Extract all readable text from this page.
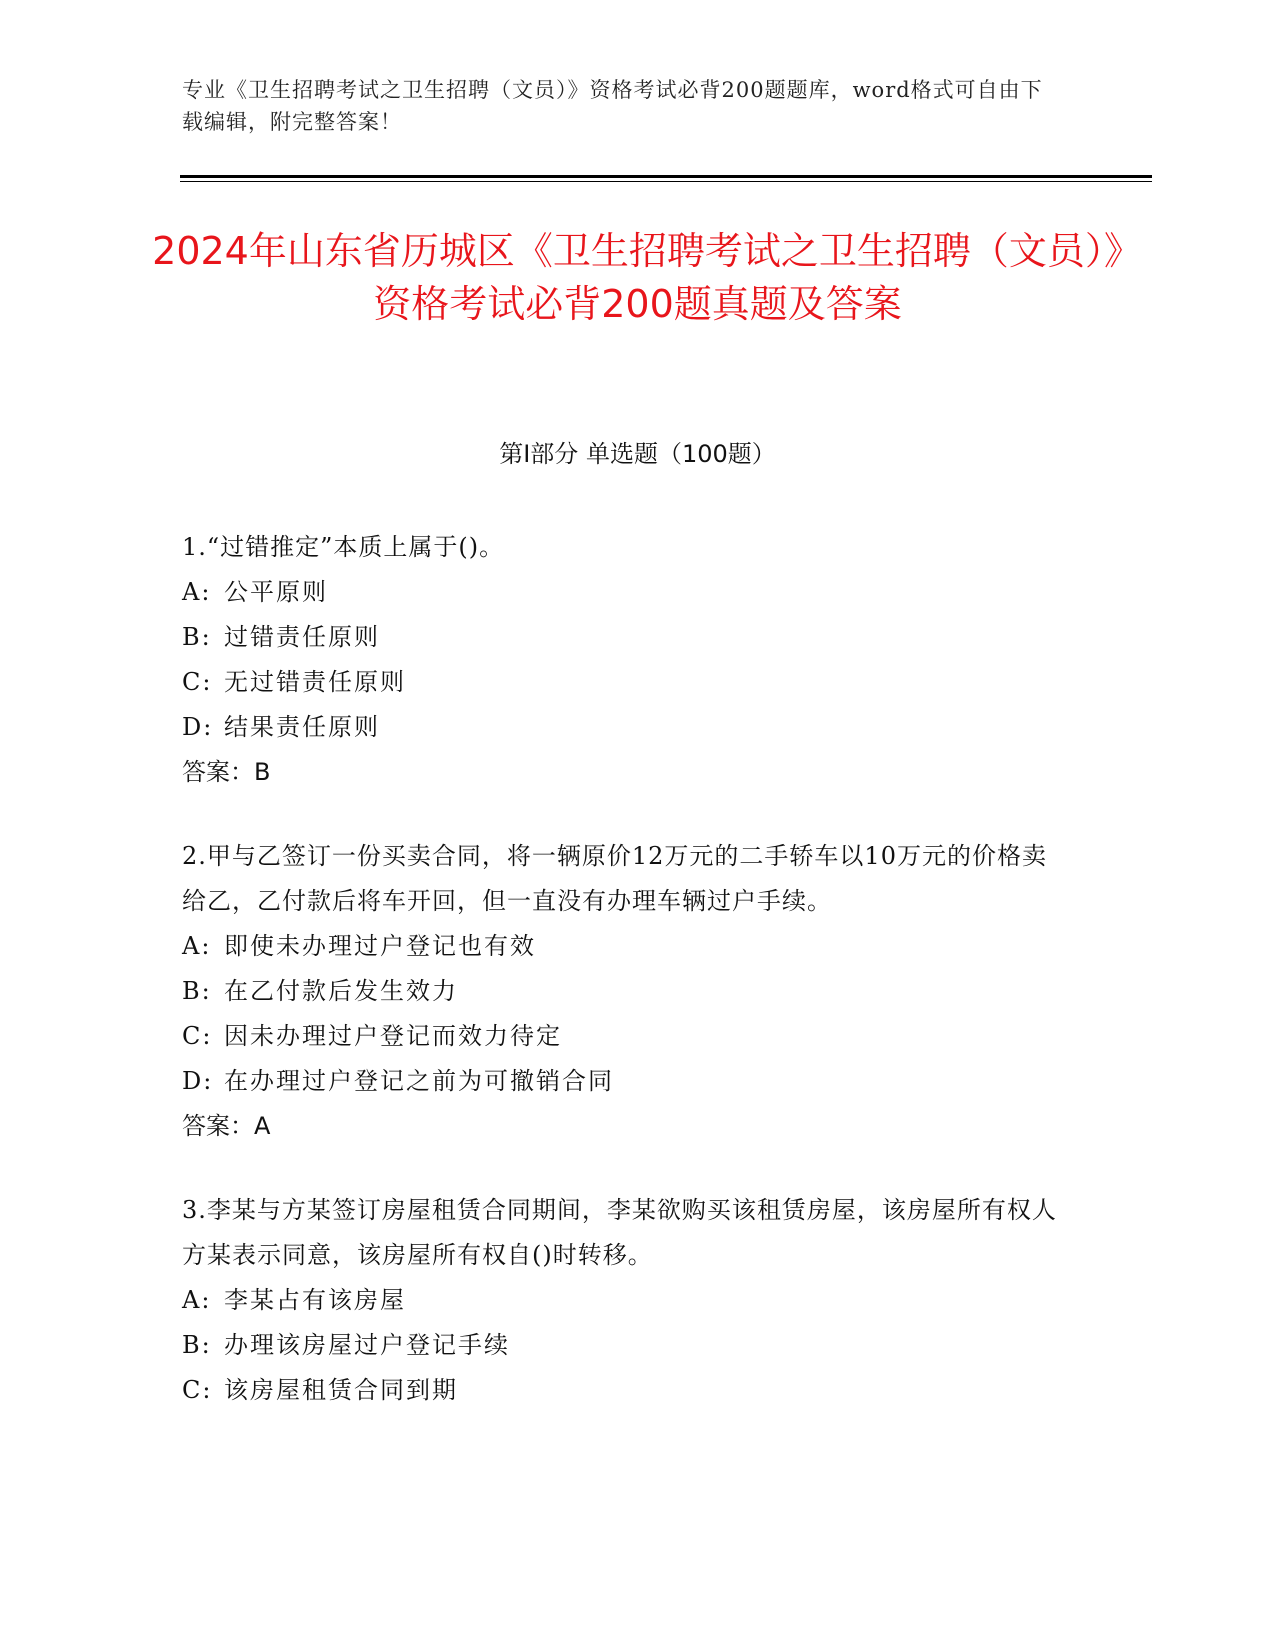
专业《卫生招聘考试之卫生招聘（文员）》资格考试必背200题题库，word格式可自由下载编辑，附完整答案！
2024年山东省历城区《卫生招聘考试之卫生招聘（文员）》资格考试必背200题真题及答案
第I部分 单选题（100题）
1.“过错推定”本质上属于()。
A: 公平原则
B: 过错责任原则
C: 无过错责任原则
D: 结果责任原则
答案：B
2.甲与乙签订一份买卖合同，将一辆原价12万元的二手轿车以10万元的价格卖给乙，乙付款后将车开回，但一直没有办理车辆过户手续。
A: 即使未办理过户登记也有效
B: 在乙付款后发生效力
C: 因未办理过户登记而效力待定
D: 在办理过户登记之前为可撤销合同
答案：A
3.李某与方某签订房屋租赁合同期间，李某欲购买该租赁房屋，该房屋所有权人方某表示同意，该房屋所有权自()时转移。
A: 李某占有该房屋
B: 办理该房屋过户登记手续
C: 该房屋租赁合同到期
